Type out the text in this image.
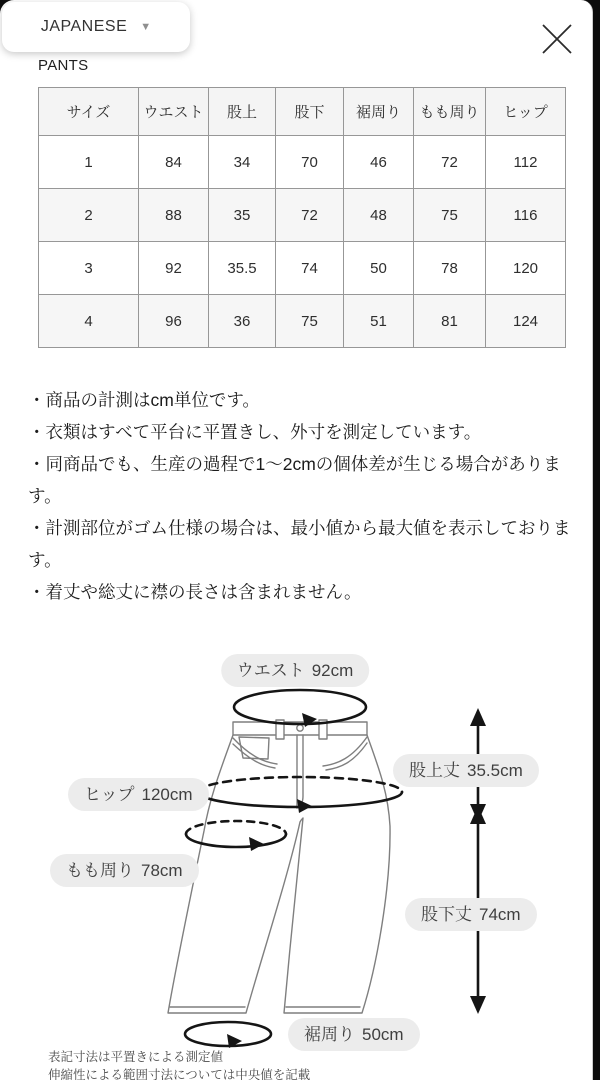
JAPANESE ▼
PANTS
サイズ	ウエスト	股上	股下	裾周り	もも周り	ヒップ
1	84	34	70	46	72	112
2	88	35	72	48	75	116
3	92	35.5	74	50	78	120
4	96	36	75	51	81	124
・商品の計測はcm単位です。
・衣類はすべて平台に平置きし、外寸を測定しています。
・同商品でも、生産の過程で1〜2cmの個体差が生じる場合があります。
・計測部位がゴム仕様の場合は、最小値から最大値を表示しております。
・着丈や総丈に襟の長さは含まれません。
ウエスト 92cm
股上丈 35.5cm
ヒップ 120cm
もも周り 78cm
股下丈 74cm
裾周り 50cm
表記寸法は平置きによる測定値
伸縮性による範囲寸法については中央値を記載
